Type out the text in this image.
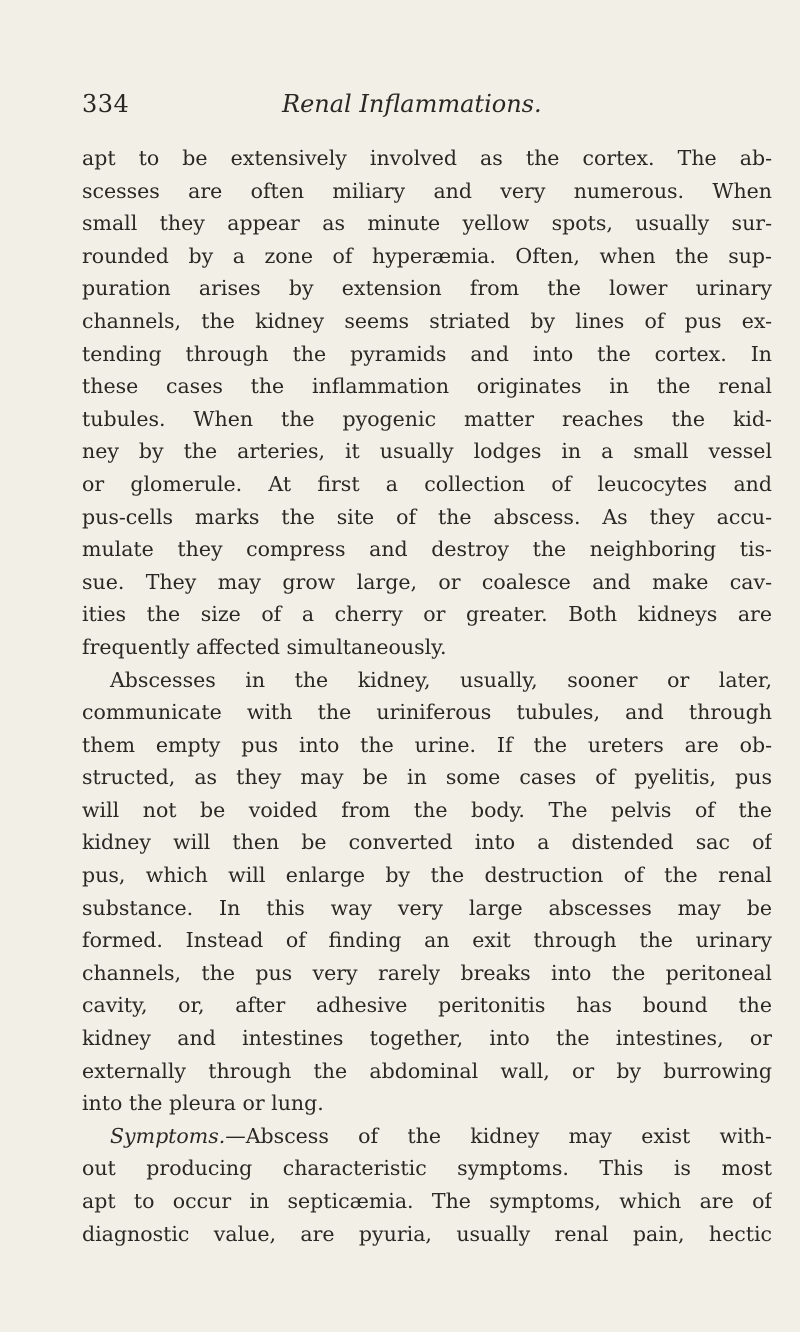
334	Renal Inflammations.
apt to be extensively involved as the cortex. The ab-
scesses are often miliary and very numerous. When
small they appear as minute yellow spots, usually sur-
rounded by a zone of hyperæmia. Often, when the sup-
puration arises by extension from the lower urinary
channels, the kidney seems striated by lines of pus ex-
tending through the pyramids and into the cortex. In
these cases the inflammation originates in the renal
tubules. When the pyogenic matter reaches the kid-
ney by the arteries, it usually lodges in a small vessel
or glomerule. At first a collection of leucocytes and
pus-cells marks the site of the abscess. As they accu-
mulate they compress and destroy the neighboring tis-
sue. They may grow large, or coalesce and make cav-
ities the size of a cherry or greater. Both kidneys are
frequently affected simultaneously.
Abscesses in the kidney, usually, sooner or later,
communicate with the uriniferous tubules, and through
them empty pus into the urine. If the ureters are ob-
structed, as they may be in some cases of pyelitis, pus
will not be voided from the body. The pelvis of the
kidney will then be converted into a distended sac of
pus, which will enlarge by the destruction of the renal
substance. In this way very large abscesses may be
formed. Instead of finding an exit through the urinary
channels, the pus very rarely breaks into the peritoneal
cavity, or, after adhesive peritonitis has bound the
kidney and intestines together, into the intestines, or
externally through the abdominal wall, or by burrowing
into the pleura or lung.
Symptoms. —Abscess of the kidney may exist with-
out producing characteristic symptoms. This is most
apt to occur in septicæmia. The symptoms, which are of
diagnostic value, are pyuria, usually renal pain, hectic
